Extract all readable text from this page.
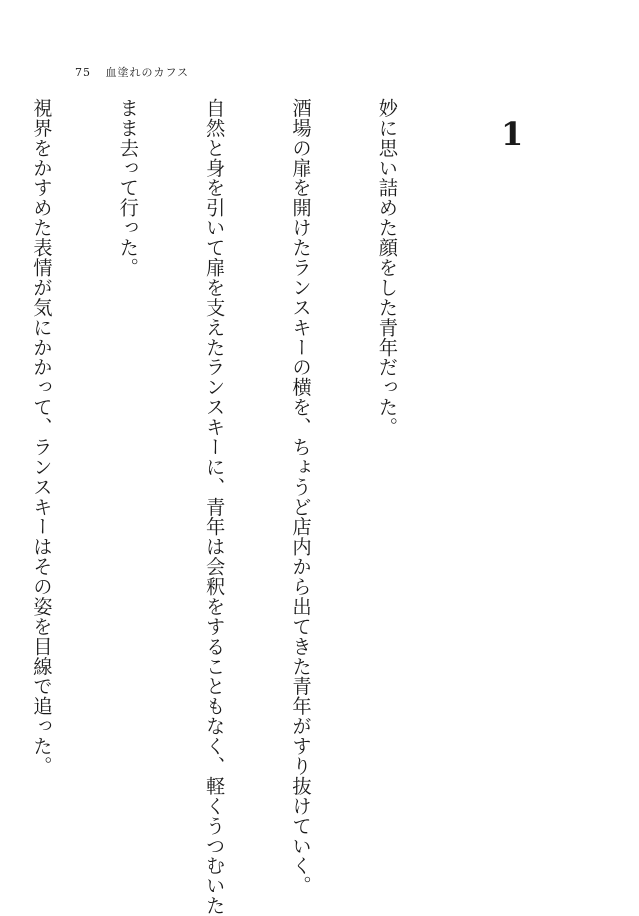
75 血塗れのカフス
1

妙に思い詰めた顔をした青年だった。

酒場の扉を開けたランスキーの横を、ちょうど店内から出てきた青年がすり抜けていく。

自然と身を引いて扉を支えたランスキーに、青年は会釈をすることもなく、軽くうつむいた

まま去って行った。

視界をかすめた表情が気にかかって、ランスキーはその姿を目線で追った。
